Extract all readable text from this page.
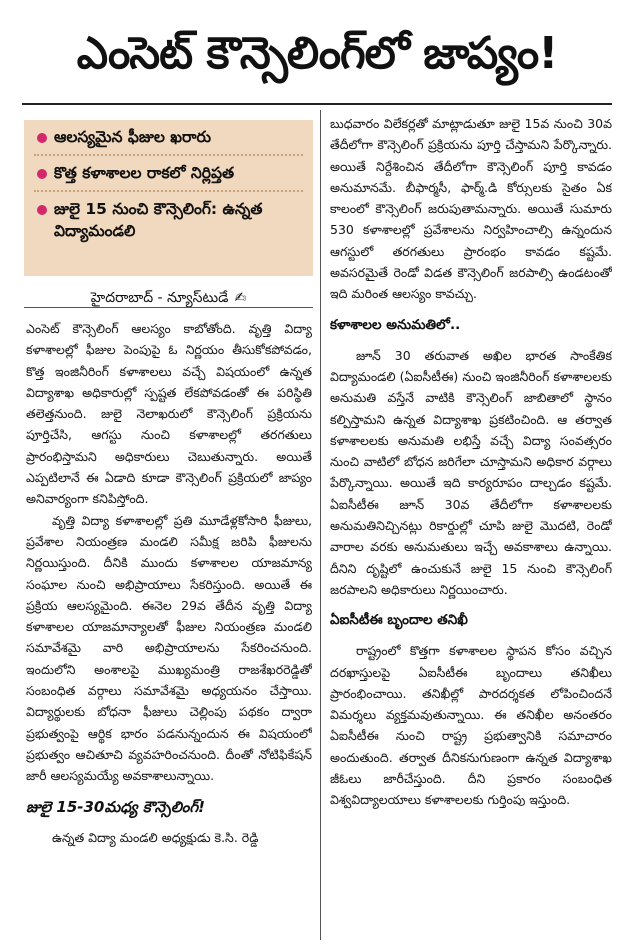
ఎంసెట్ కౌన్సెలింగ్‌లో జాప్యం!
ఆలస్యమైన ఫీజుల ఖరారు
కొత్త కళాశాలల రాకలో నిర్లిప్తత
జులై 15 నుంచి కౌన్సెలింగ్: ఉన్నత విద్యామండలి
హైదరాబాద్ - న్యూస్‌టుడే ✍

ఎంసెట్ కౌన్సెలింగ్ ఆలస్యం కాబోతోంది. వృత్తి విద్యా కళాశాలల్లో ఫీజుల పెంపుపై ఓ నిర్ణయం తీసుకోకపోవడం, కొత్త ఇంజినీరింగ్ కళాశాలలు వచ్చే విషయంలో ఉన్నత విద్యాశాఖ అధికారుల్లో స్పష్టత లేకపోవడంతో ఈ పరిస్థితి తలెత్తనుంది. జులై నెలాఖరులో కౌన్సెలింగ్ ప్రక్రియను పూర్తిచేసి, ఆగస్టు నుంచి కళాశాలల్లో తరగతులు ప్రారంభిస్తామని అధికారులు చెబుతున్నారు. అయితే ఎప్పటిలానే ఈ ఏడాది కూడా కౌన్సెలింగ్ ప్రక్రియలో జాప్యం అనివార్యంగా కనిపిస్తోంది.

వృత్తి విద్యా కళాశాలల్లో ప్రతి మూడేళ్లకోసారి ఫీజులు, ప్రవేశాల నియంత్రణ మండలి సమీక్ష జరిపి ఫీజులను నిర్ణయిస్తుంది. దీనికి ముందు కళాశాలల యాజమాన్య సంఘాల నుంచి అభిప్రాయాలు సేకరిస్తుంది. అయితే ఈ ప్రక్రియ ఆలస్యమైంది. ఈనెల 29వ తేదీన వృత్తి విద్యా కళాశాలల యాజమాన్యాలతో ఫీజుల నియంత్రణ మండలి సమావేశమై వారి అభిప్రాయాలను సేకరించనుంది. ఇందులోని అంశాలపై ముఖ్యమంత్రి రాజశేఖరరెడ్డితో సంబంధిత వర్గాలు సమావేశమై అధ్యయనం చేస్తాయి. విద్యార్థులకు బోధనా ఫీజులు చెల్లింపు పథకం ద్వారా ప్రభుత్వంపై ఆర్థిక భారం పడనున్నందున ఈ విషయంలో ప్రభుత్వం ఆచితూచి వ్యవహరించనుంది. దీంతో నోటిఫికేషన్ జారీ ఆలస్యమయ్యే అవకాశాలున్నాయి.

జులై 15-30మధ్య కౌన్సెలింగ్!

ఉన్నత విద్యా మండలి అధ్యక్షుడు కె.సి. రెడ్డి

బుధవారం విలేకర్లతో మాట్లాడుతూ జులై 15వ నుంచి 30వ తేదీలోగా కౌన్సెలింగ్ ప్రక్రియను పూర్తి చేస్తామని పేర్కొన్నారు. అయితే నిర్దేశించిన తేదీలోగా కౌన్సెలింగ్ పూర్తి కావడం అనుమానమే. బీఫార్మసీ, ఫార్మ్.డి కోర్సులకు సైతం ఏక కాలంలో కౌన్సెలింగ్ జరుపుతామన్నారు. అయితే సుమారు 530 కళాశాలల్లో ప్రవేశాలను నిర్వహించాల్సి ఉన్నందున ఆగస్టులో తరగతులు ప్రారంభం కావడం కష్టమే. అవసరమైతే రెండో విడత కౌన్సెలింగ్ జరపాల్సి ఉండటంతో ఇది మరింత ఆలస్యం కావచ్చు.

కళాశాలల అనుమతిలో..

జూన్ 30 తరువాత అఖిల భారత సాంకేతిక విద్యామండలి (ఏఐసీటీఈ) నుంచి ఇంజినీరింగ్ కళాశాలలకు అనుమతి వస్తేనే వాటికి కౌన్సెలింగ్ జాబితాలో స్థానం కల్పిస్తామని ఉన్నత విద్యాశాఖ ప్రకటించింది. ఆ తర్వాత కళాశాలలకు అనుమతి లభిస్తే వచ్చే విద్యా సంవత్సరం నుంచి వాటిలో బోధన జరిగేలా చూస్తామని అధికార వర్గాలు పేర్కొన్నాయి. అయితే ఇది కార్యరూపం దాల్చడం కష్టమే. ఏఐసీటీఈ జూన్ 30వ తేదీలోగా కళాశాలలకు అనుమతినిచ్చినట్లు రికార్డుల్లో చూపి జులై మొదటి, రెండో వారాల వరకు అనుమతులు ఇచ్చే అవకాశాలు ఉన్నాయి. దీనిని దృష్టిలో ఉంచుకునే జులై 15 నుంచి కౌన్సెలింగ్ జరపాలని అధికారులు నిర్ణయించారు.

ఏఐసీటీఈ బృందాల తనిఖీ

రాష్ట్రంలో కొత్తగా కళాశాలల స్థాపన కోసం వచ్చిన దరఖాస్తులపై ఏఐసీటీఈ బృందాలు తనిఖీలు ప్రారంభించాయి. తనిఖీల్లో పారదర్శకత లోపించిందనే విమర్శలు వ్యక్తమవుతున్నాయి. ఈ తనిఖీల అనంతరం ఏఐసీటీఈ నుంచి రాష్ట్ర ప్రభుత్వానికి సమాచారం అందుతుంది. తర్వాత దీనికనుగుణంగా ఉన్నత విద్యాశాఖ జీఓలు జారీచేస్తుంది. దీని ప్రకారం సంబంధిత విశ్వవిద్యాలయాలు కళాశాలలకు గుర్తింపు ఇస్తుంది.
